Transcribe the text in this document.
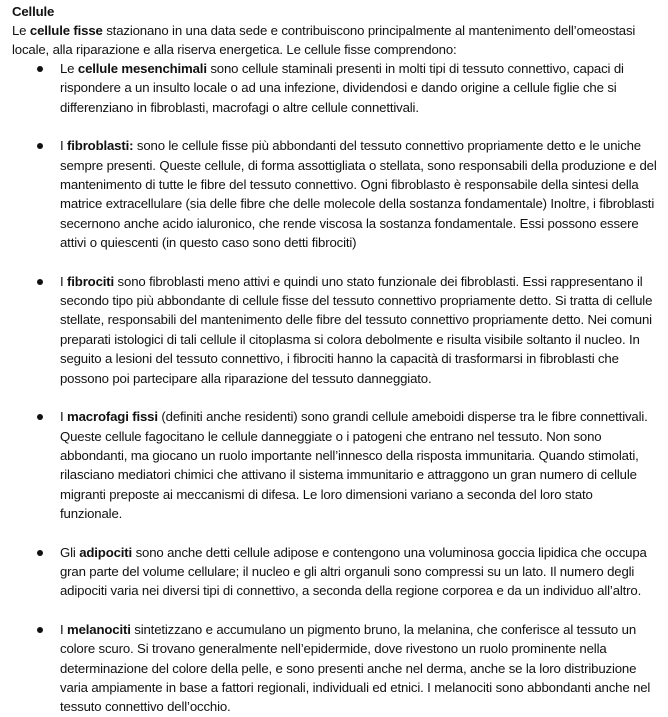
Cellule

Le cellule fisse stazionano in una data sede e contribuiscono principalmente al mantenimento dell’omeostasi locale, alla riparazione e alla riserva energetica. Le cellule fisse comprendono:

Le cellule mesenchimali sono cellule staminali presenti in molti tipi di tessuto connettivo, capaci di rispondere a un insulto locale o ad una infezione, dividendosi e dando origine a cellule figlie che si differenziano in fibroblasti, macrofagi o altre cellule connettivali.
I fibroblasti: sono le cellule fisse più abbondanti del tessuto connettivo propriamente detto e le uniche sempre presenti. Queste cellule, di forma assottigliata o stellata, sono responsabili della produzione e del mantenimento di tutte le fibre del tessuto connettivo. Ogni fibroblasto è responsabile della sintesi della matrice extracellulare (sia delle fibre che delle molecole della sostanza fondamentale) Inoltre, i fibroblasti secernono anche acido ialuronico, che rende viscosa la sostanza fondamentale. Essi possono essere attivi o quiescenti (in questo caso sono detti fibrociti)
I fibrociti sono fibroblasti meno attivi e quindi uno stato funzionale dei fibroblasti. Essi rappresentano il secondo tipo più abbondante di cellule fisse del tessuto connettivo propriamente detto. Si tratta di cellule stellate, responsabili del mantenimento delle fibre del tessuto connettivo propriamente detto. Nei comuni preparati istologici di tali cellule il citoplasma si colora debolmente e risulta visibile soltanto il nucleo. In seguito a lesioni del tessuto connettivo, i fibrociti hanno la capacità di trasformarsi in fibroblasti che possono poi partecipare alla riparazione del tessuto danneggiato.
I macrofagi fissi (definiti anche residenti) sono grandi cellule ameboidi disperse tra le fibre connettivali. Queste cellule fagocitano le cellule danneggiate o i patogeni che entrano nel tessuto. Non sono abbondanti, ma giocano un ruolo importante nell’innesco della risposta immunitaria. Quando stimolati, rilasciano mediatori chimici che attivano il sistema immunitario e attraggono un gran numero di cellule migranti preposte ai meccanismi di difesa. Le loro dimensioni variano a seconda del loro stato funzionale.
Gli adipociti sono anche detti cellule adipose e contengono una voluminosa goccia lipidica che occupa gran parte del volume cellulare; il nucleo e gli altri organuli sono compressi su un lato. Il numero degli adipociti varia nei diversi tipi di connettivo, a seconda della regione corporea e da un individuo all’altro.
I melanociti sintetizzano e accumulano un pigmento bruno, la melanina, che conferisce al tessuto un colore scuro. Si trovano generalmente nell’epidermide, dove rivestono un ruolo prominente nella determinazione del colore della pelle, e sono presenti anche nel derma, anche se la loro distribuzione varia ampiamente in base a fattori regionali, individuali ed etnici. I melanociti sono abbondanti anche nel tessuto connettivo dell’occhio.
